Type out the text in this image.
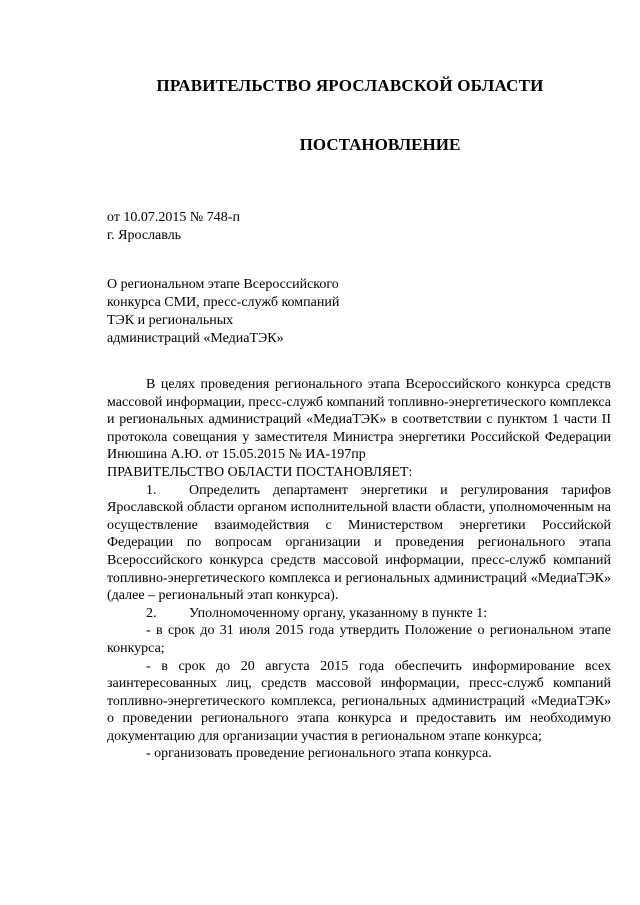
ПРАВИТЕЛЬСТВО ЯРОСЛАВСКОЙ ОБЛАСТИ
ПОСТАНОВЛЕНИЕ
от 10.07.2015 № 748-п
г. Ярославль
О региональном этапе Всероссийского
конкурса СМИ, пресс-служб компаний
ТЭК и региональных
администраций «МедиаТЭК»

В целях проведения регионального этапа Всероссийского конкурса средств массовой информации, пресс-служб компаний топливно-энергетического комплекса и региональных администраций «МедиаТЭК» в соответствии с пунктом 1 части II протокола совещания у заместителя Министра энергетики Российской Федерации Инюшина А.Ю. от 15.05.2015 № ИА-197пр

ПРАВИТЕЛЬСТВО ОБЛАСТИ ПОСТАНОВЛЯЕТ:

1. Определить департамент энергетики и регулирования тарифов Ярославской области органом исполнительной власти области, уполномоченным на осуществление взаимодействия с Министерством энергетики Российской Федерации по вопросам организации и проведения регионального этапа Всероссийского конкурса средств массовой информации, пресс-служб компаний топливно-энергетического комплекса и региональных администраций «МедиаТЭК» (далее – региональный этап конкурса).

2. Уполномоченному органу, указанному в пункте 1:

- в срок до 31 июля 2015 года утвердить Положение о региональном этапе конкурса;

- в срок до 20 августа 2015 года обеспечить информирование всех заинтересованных лиц, средств массовой информации, пресс-служб компаний топливно-энергетического комплекса, региональных администраций «МедиаТЭК» о проведении регионального этапа конкурса и предоставить им необходимую документацию для организации участия в региональном этапе конкурса;

- организовать проведение регионального этапа конкурса.
